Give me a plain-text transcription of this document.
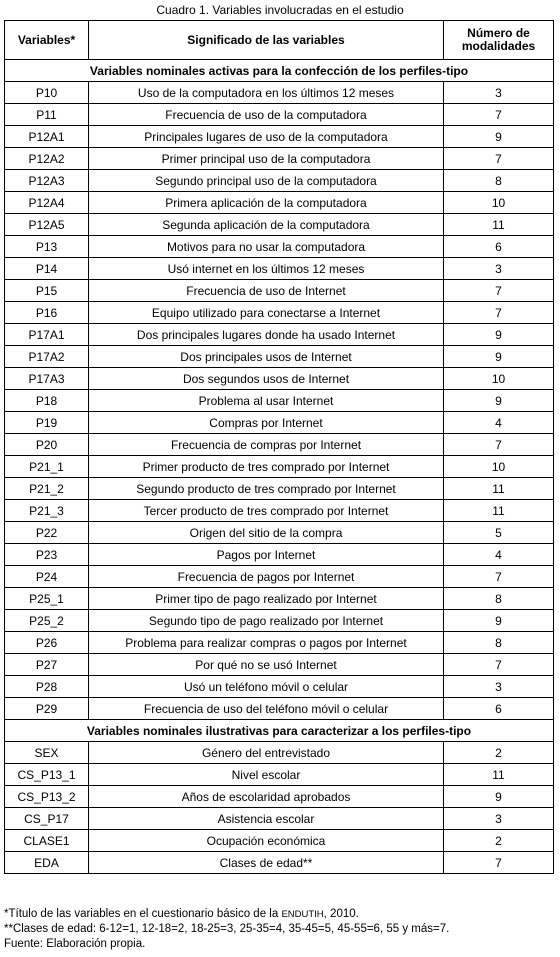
Cuadro 1. Variables involucradas en el estudio
Variables*	Significado de las variables	Número de
modalidades
Variables nominales activas para la confección de los perfiles-tipo		
P10	Uso de la computadora en los últimos 12 meses	3
P11	Frecuencia de uso de la computadora	7
P12A1	Principales lugares de uso de la computadora	9
P12A2	Primer principal uso de la computadora	7
P12A3	Segundo principal uso de la computadora	8
P12A4	Primera aplicación de la computadora	10
P12A5	Segunda aplicación de la computadora	11
P13	Motivos para no usar la computadora	6
P14	Usó internet en los últimos 12 meses	3
P15	Frecuencia de uso de Internet	7
P16	Equipo utilizado para conectarse a Internet	7
P17A1	Dos principales lugares donde ha usado Internet	9
P17A2	Dos principales usos de Internet	9
P17A3	Dos segundos usos de Internet	10
P18	Problema al usar Internet	9
P19	Compras por Internet	4
P20	Frecuencia de compras por Internet	7
P21_1	Primer producto de tres comprado por Internet	10
P21_2	Segundo producto de tres comprado por Internet	11
P21_3	Tercer producto de tres comprado por Internet	11
P22	Origen del sitio de la compra	5
P23	Pagos por Internet	4
P24	Frecuencia de pagos por Internet	7
P25_1	Primer tipo de pago realizado por Internet	8
P25_2	Segundo tipo de pago realizado por Internet	9
P26	Problema para realizar compras o pagos por Internet	8
P27	Por qué no se usó Internet	7
P28	Usó un teléfono móvil o celular	3
P29	Frecuencia de uso del teléfono móvil o celular	6
Variables nominales ilustrativas para caracterizar a los perfiles-tipo		
SEX	Género del entrevistado	2
CS_P13_1	Nivel escolar	11
CS_P13_2	Años de escolaridad aprobados	9
CS_P17	Asistencia escolar	3
CLASE1	Ocupación económica	2
EDA	Clases de edad**	7
*Título de las variables en el cuestionario básico de la ENDUTIH, 2010.
**Clases de edad: 6-12=1, 12-18=2, 18-25=3, 25-35=4, 35-45=5, 45-55=6, 55 y más=7.
Fuente: Elaboración propia.
